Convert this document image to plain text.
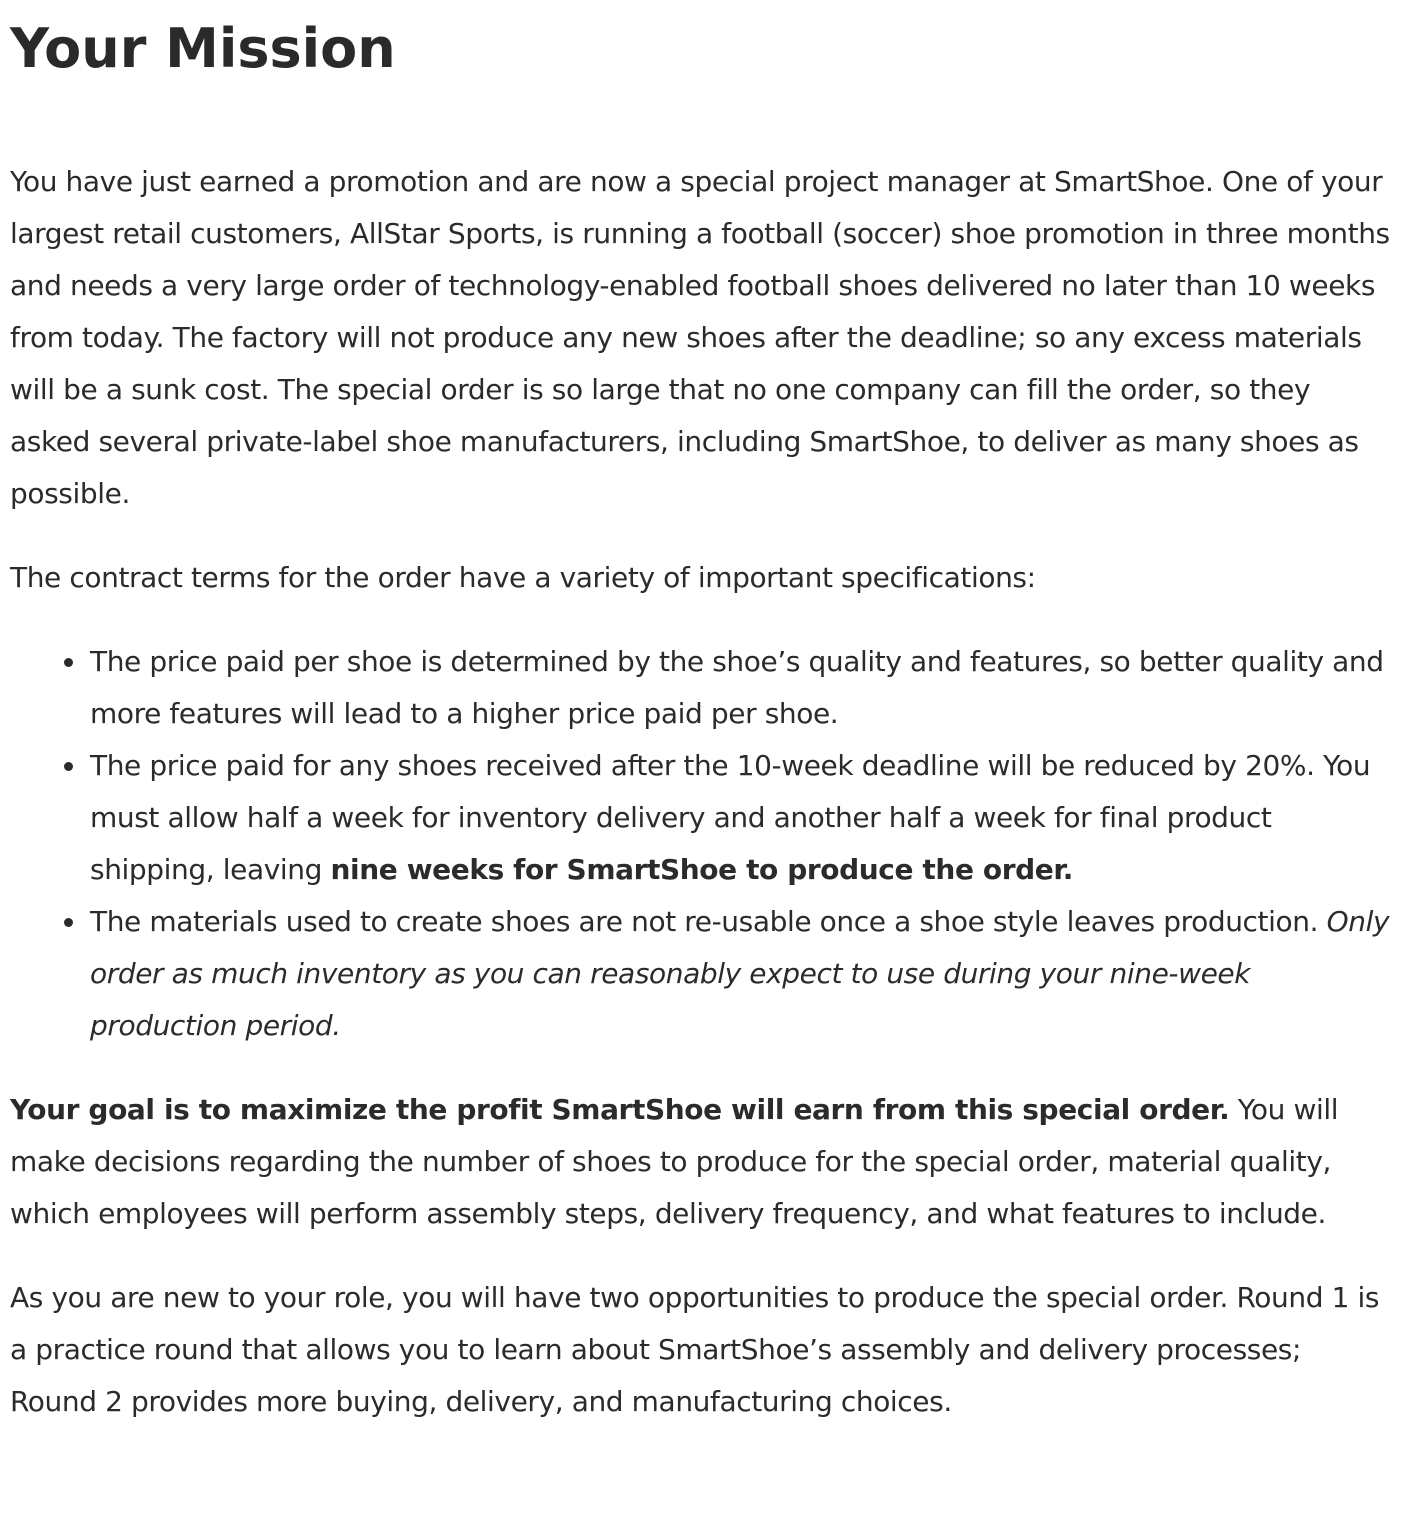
Your Mission

You have just earned a promotion and are now a special project manager at SmartShoe. One of your largest retail customers, AllStar Sports, is running a football (soccer) shoe promotion in three months and needs a very large order of technology-enabled football shoes delivered no later than 10 weeks from today. The factory will not produce any new shoes after the deadline; so any excess materials will be a sunk cost. The special order is so large that no one company can fill the order, so they asked several private-label shoe manufacturers, including SmartShoe, to deliver as many shoes as possible.

The contract terms for the order have a variety of important specifications:

The price paid per shoe is determined by the shoe’s quality and features, so better quality and more features will lead to a higher price paid per shoe.
The price paid for any shoes received after the 10-week deadline will be reduced by 20%. You must allow half a week for inventory delivery and another half a week for final product shipping, leaving nine weeks for SmartShoe to produce the order.
The materials used to create shoes are not re-usable once a shoe style leaves production. Only order as much inventory as you can reasonably expect to use during your nine-week production period.

Your goal is to maximize the profit SmartShoe will earn from this special order. You will make decisions regarding the number of shoes to produce for the special order, material quality, which employees will perform assembly steps, delivery frequency, and what features to include.

As you are new to your role, you will have two opportunities to produce the special order. Round 1 is a practice round that allows you to learn about SmartShoe’s assembly and delivery processes; Round 2 provides more buying, delivery, and manufacturing choices.
